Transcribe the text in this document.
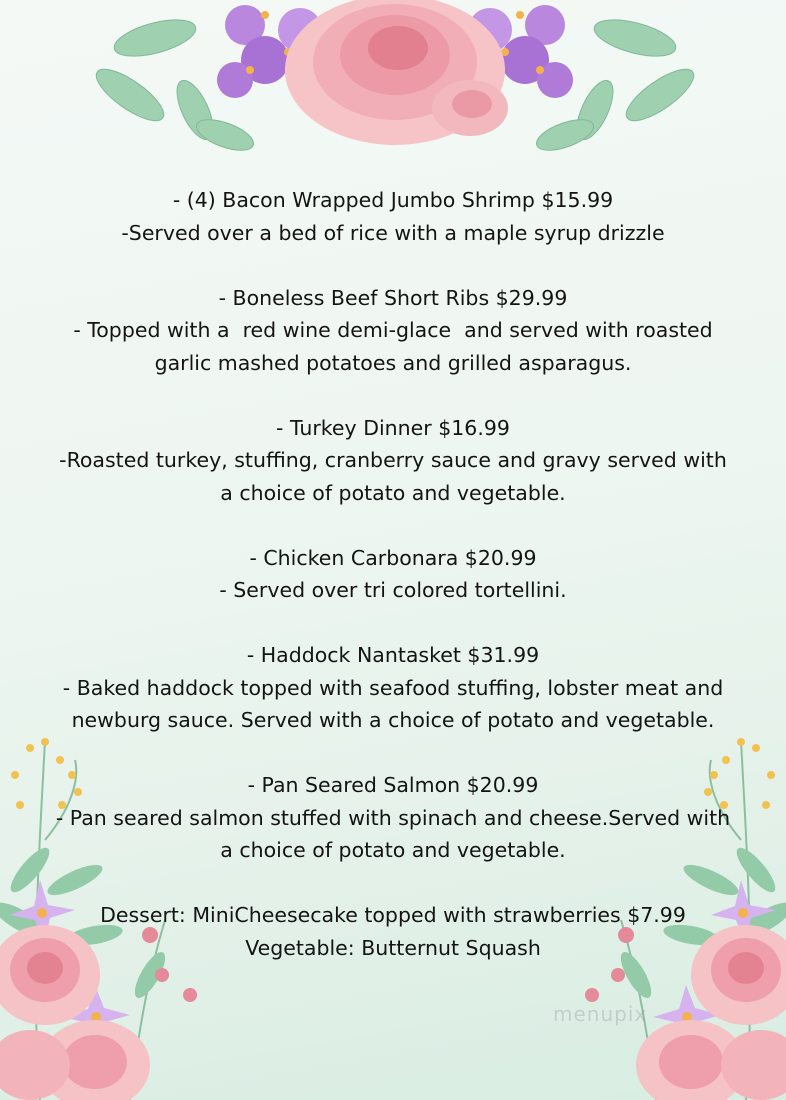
- (4) Bacon Wrapped Jumbo Shrimp $15.99

-Served over a bed of rice with a maple syrup drizzle

- Boneless Beef Short Ribs $29.99

- Topped with a  red wine demi-glace  and served with roasted

garlic mashed potatoes and grilled asparagus.

- Turkey Dinner $16.99

-Roasted turkey, stuffing, cranberry sauce and gravy served with

a choice of potato and vegetable.

- Chicken Carbonara $20.99

- Served over tri colored tortellini.

- Haddock Nantasket $31.99

- Baked haddock topped with seafood stuffing, lobster meat and

newburg sauce. Served with a choice of potato and vegetable.

- Pan Seared Salmon $20.99

- Pan seared salmon stuffed with spinach and cheese.Served with

a choice of potato and vegetable.

Dessert: MiniCheesecake topped with strawberries $7.99

Vegetable: Butternut Squash

menupix
